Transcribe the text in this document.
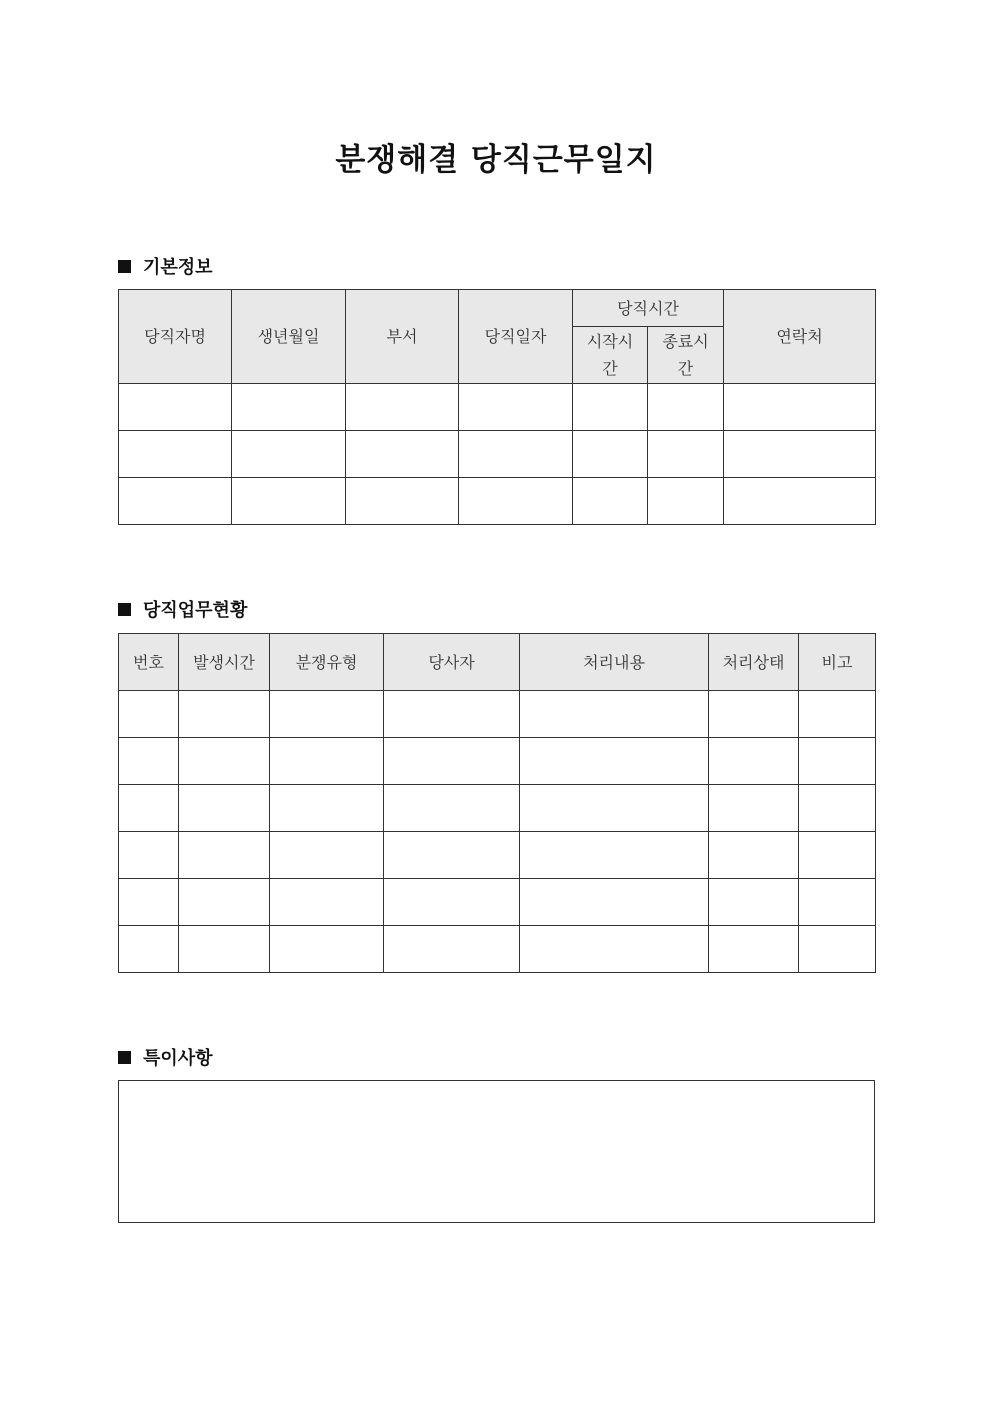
분쟁해결 당직근무일지
기본정보
당직자명	생년월일	부서	당직일자	당직시간		연락처
				시작시간	종료시간	

당직업무현황
번호	발생시간	분쟁유형	당사자	처리내용	처리상태	비고

특이사항
